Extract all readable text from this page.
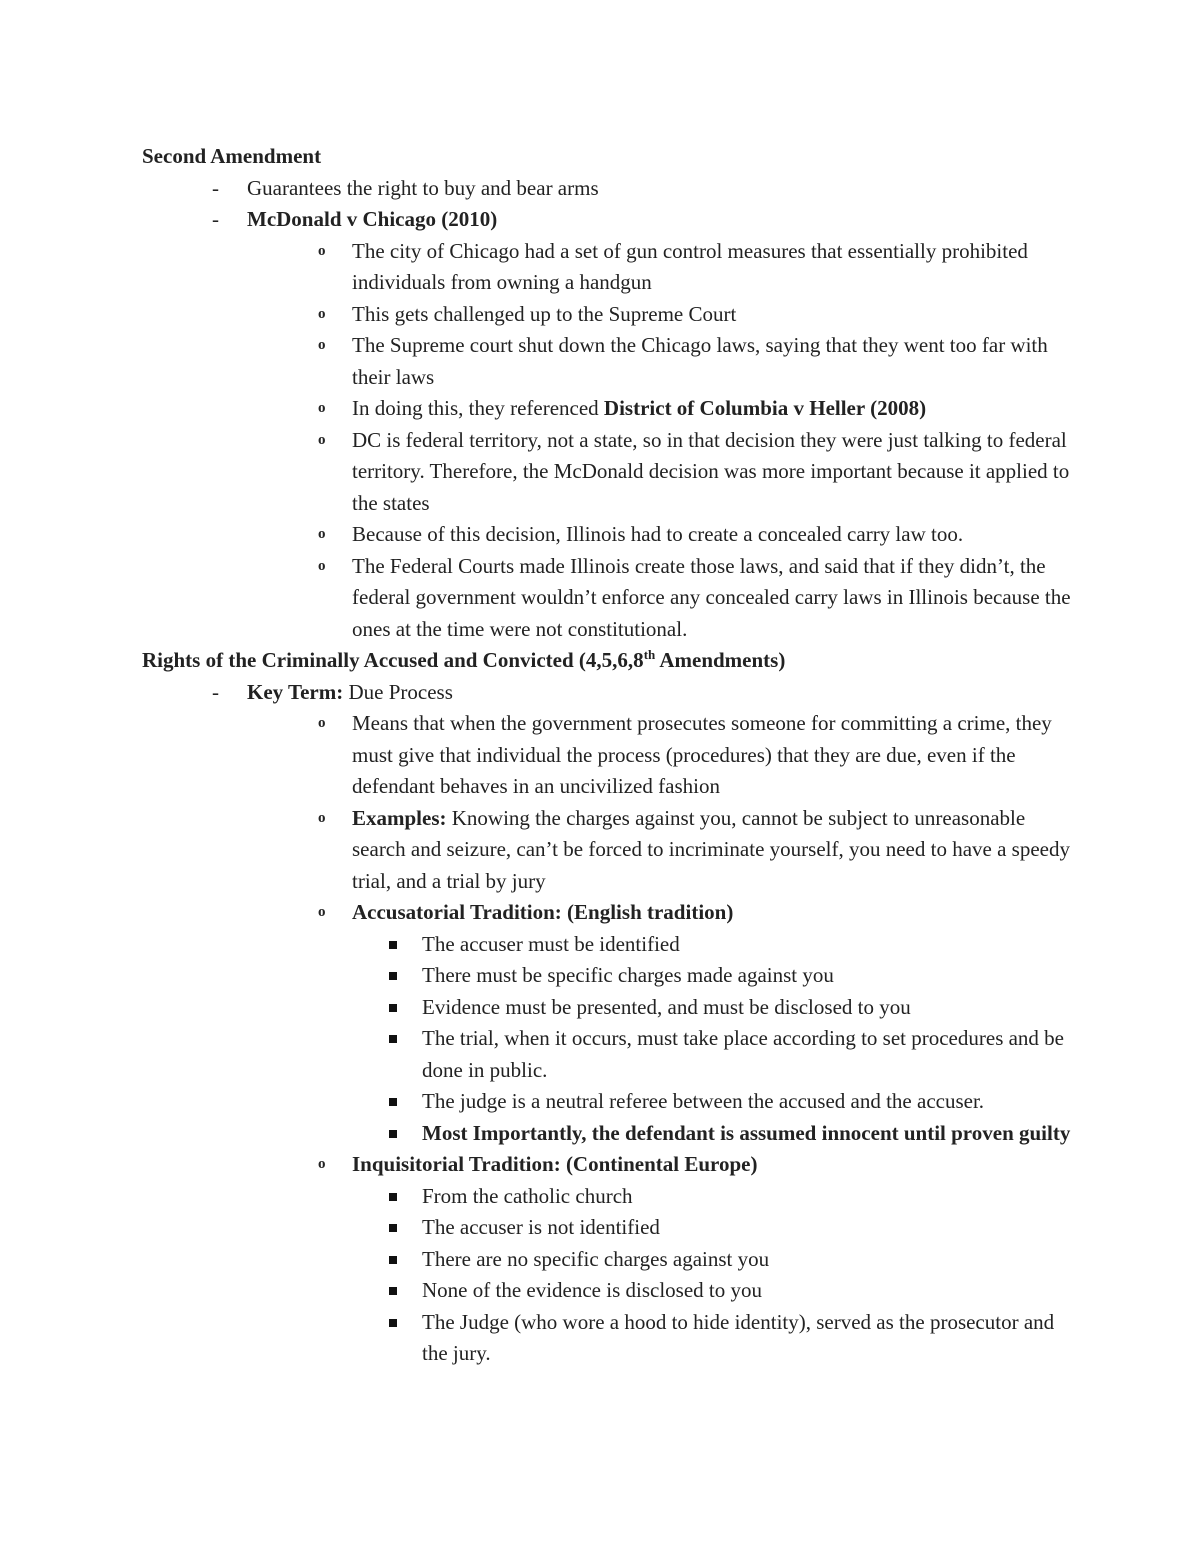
Second Amendment
-	Guarantees the right to buy and bear arms
-	McDonald v Chicago (2010)
o The city of Chicago had a set of gun control measures that essentially prohibited individuals from owning a handgun
o This gets challenged up to the Supreme Court
o The Supreme court shut down the Chicago laws, saying that they went too far with their laws
o In doing this, they referenced District of Columbia v Heller (2008)
o DC is federal territory, not a state, so in that decision they were just talking to federal territory. Therefore, the McDonald decision was more important because it applied to the states
o Because of this decision, Illinois had to create a concealed carry law too.
o The Federal Courts made Illinois create those laws, and said that if they didn’t, the federal government wouldn’t enforce any concealed carry laws in Illinois because the ones at the time were not constitutional.
Rights of the Criminally Accused and Convicted (4,5,6,8th Amendments)
-	Key Term: Due Process
o Means that when the government prosecutes someone for committing a crime, they must give that individual the process (procedures) that they are due, even if the defendant behaves in an uncivilized fashion
o Examples: Knowing the charges against you, cannot be subject to unreasonable search and seizure, can’t be forced to incriminate yourself, you need to have a speedy trial, and a trial by jury
o Accusatorial Tradition: (English tradition)
The accuser must be identified
There must be specific charges made against you
Evidence must be presented, and must be disclosed to you
The trial, when it occurs, must take place according to set procedures and be done in public.
The judge is a neutral referee between the accused and the accuser.
Most Importantly, the defendant is assumed innocent until proven guilty
o Inquisitorial Tradition: (Continental Europe)
From the catholic church
The accuser is not identified
There are no specific charges against you
None of the evidence is disclosed to you
The Judge (who wore a hood to hide identity), served as the prosecutor and the jury.
